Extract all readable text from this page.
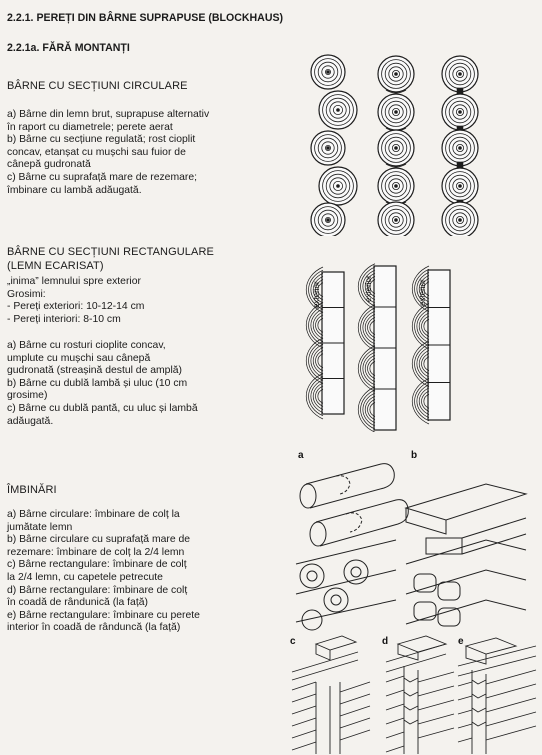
2.2.1. PEREȚI DIN BÂRNE SUPRAPUSE (BLOCKHAUS)
2.2.1a. FĂRĂ MONTANȚI
BÂRNE CU SECȚIUNI CIRCULARE
a) Bârne din lemn brut, suprapuse alternativ
în raport cu diametrele; perete aerat
b) Bârne cu secțiune regulată; rost cioplit
concav, etanșat cu mușchi sau fuior de
cânepă gudronată
c) Bârne cu suprafață mare de rezemare;
îmbinare cu lambă adăugată.
BÂRNE CU SECȚIUNI RECTANGULARE
(LEMN ECARISAT)
„inima” lemnului spre exterior
Grosimi:
- Pereți exteriori: 10-12-14 cm
- Pereți interiori: 8-10 cm
a) Bârne cu rosturi cioplite concav,
umplute cu mușchi sau cânepă
gudronată (streașină destul de amplă)
b) Bârne cu dublă lambă și uluc (10 cm
grosime)
c) Bârne cu dublă pantă, cu uluc și lambă
adăugată.
ÎMBINĂRI
a) Bârne circulare: îmbinare de colț la
jumătate lemn
b) Bârne circulare cu suprafață mare de
rezemare: îmbinare de colț la 2/4 lemn
c) Bârne rectangulare: îmbinare de colț
la 2/4 lemn, cu capetele petrecute
d) Bârne rectangulare: îmbinare de colț
în coadă de rândunică (la față)
e) Bârne rectangulare: îmbinare cu perete
interior în coadă de rânduncă (la față)
exterior	exterior	exterior
a	b
c	d	e
